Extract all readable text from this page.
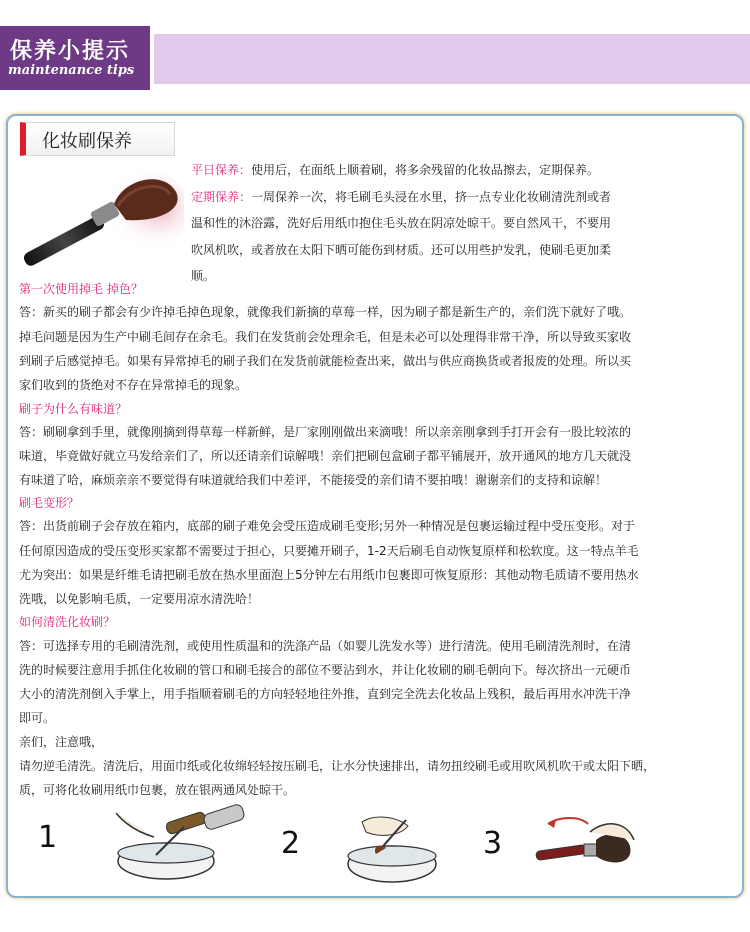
保养小提示
maintenance tips
化妆刷保养
平日保养：使用后，在面纸上顺着刷，将多余残留的化妆品擦去，定期保养。
定期保养：一周保养一次，将毛刷毛头浸在水里，挤一点专业化妆刷清洗剂或者
温和性的沐浴露，洗好后用纸巾抱住毛头放在阴凉处晾干。要自然风干，不要用
吹风机吹，或者放在太阳下晒可能伤到材质。还可以用些护发乳，使刷毛更加柔
顺。
第一次使用掉毛 掉色？
答：新买的刷子都会有少许掉毛掉色现象，就像我们新摘的草莓一样，因为刷子都是新生产的，亲们洗下就好了哦。
掉毛问题是因为生产中刷毛间存在余毛。我们在发货前会处理余毛，但是未必可以处理得非常干净，所以导致买家收
到刷子后感觉掉毛。如果有异常掉毛的刷子我们在发货前就能检查出来，做出与供应商换货或者报废的处理。所以买
家们收到的货绝对不存在异常掉毛的现象。
刷子为什么有味道？
答：刷刷拿到手里，就像刚摘到得草莓一样新鲜，是厂家刚刚做出来滴哦！所以亲亲刚拿到手打开会有一股比较浓的
味道，毕竟做好就立马发给亲们了，所以还请亲们谅解哦！亲们把刷包盒刷子都平铺展开，放开通风的地方几天就没
有味道了哈，麻烦亲亲不要觉得有味道就给我们中差评，不能接受的亲们请不要拍哦！谢谢亲们的支持和谅解！
刷毛变形？
答：出货前刷子会存放在箱内，底部的刷子难免会受压造成刷毛变形;另外一种情况是包裹运输过程中受压变形。对于
任何原因造成的受压变形买家都不需要过于担心，只要摊开刷子，1-2天后刷毛自动恢复原样和松软度。这一特点羊毛
尤为突出：如果是纤维毛请把刷毛放在热水里面泡上5分钟左右用纸巾包裹即可恢复原形：其他动物毛质请不要用热水
洗哦，以免影响毛质，一定要用凉水清洗哈！
如何清洗化妆刷？
答：可选择专用的毛刷清洗剂，或使用性质温和的洗涤产品（如婴儿洗发水等）进行清洗。使用毛刷清洗剂时，在清
洗的时候要注意用手抓住化妆刷的管口和刷毛接合的部位不要沾到水，并让化妆刷的刷毛朝向下。每次挤出一元硬币
大小的清洗剂倒入手掌上，用手指顺着刷毛的方向轻轻地往外推，直到完全洗去化妆品上残积，最后再用水冲洗干净
即可。
亲们，注意哦，
请勿逆毛清洗。清洗后，用面巾纸或化妆绵轻轻按压刷毛，让水分快速排出，请勿扭绞刷毛或用吹风机吹干或太阳下晒，
质，可将化妆刷用纸巾包裹，放在银两通风处晾干。
1	2	3
